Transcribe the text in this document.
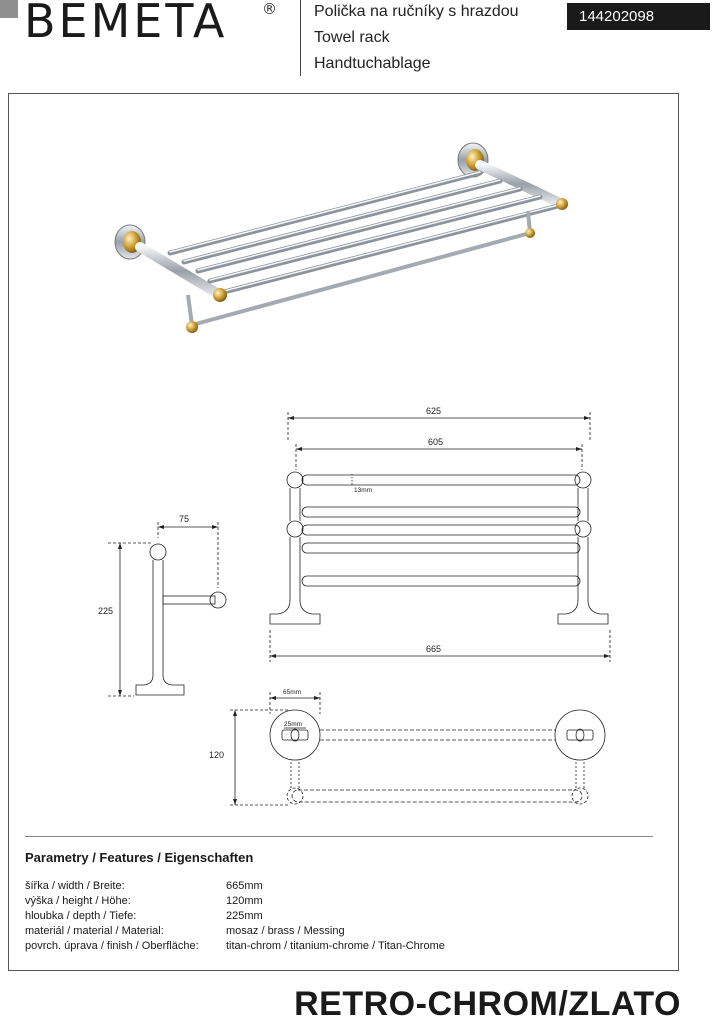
BEMETA ® Polička na ručníky s hrazdou
Towel rack
Handtuchablage
144202098
625
605
13mm
665
75
225
65mm
25mm
120
Parametry / Features / Eigenschaften
šířka / width / Breite:	665mm
výška / height / Höhe:	120mm
hloubka / depth / Tiefe:	225mm
materiál / material / Material:	mosaz / brass / Messing
povrch. úprava / finish / Oberfläche: titan-chrom / titanium-chrome / Titan-Chrome
RETRO-CHROM/ZLATO
